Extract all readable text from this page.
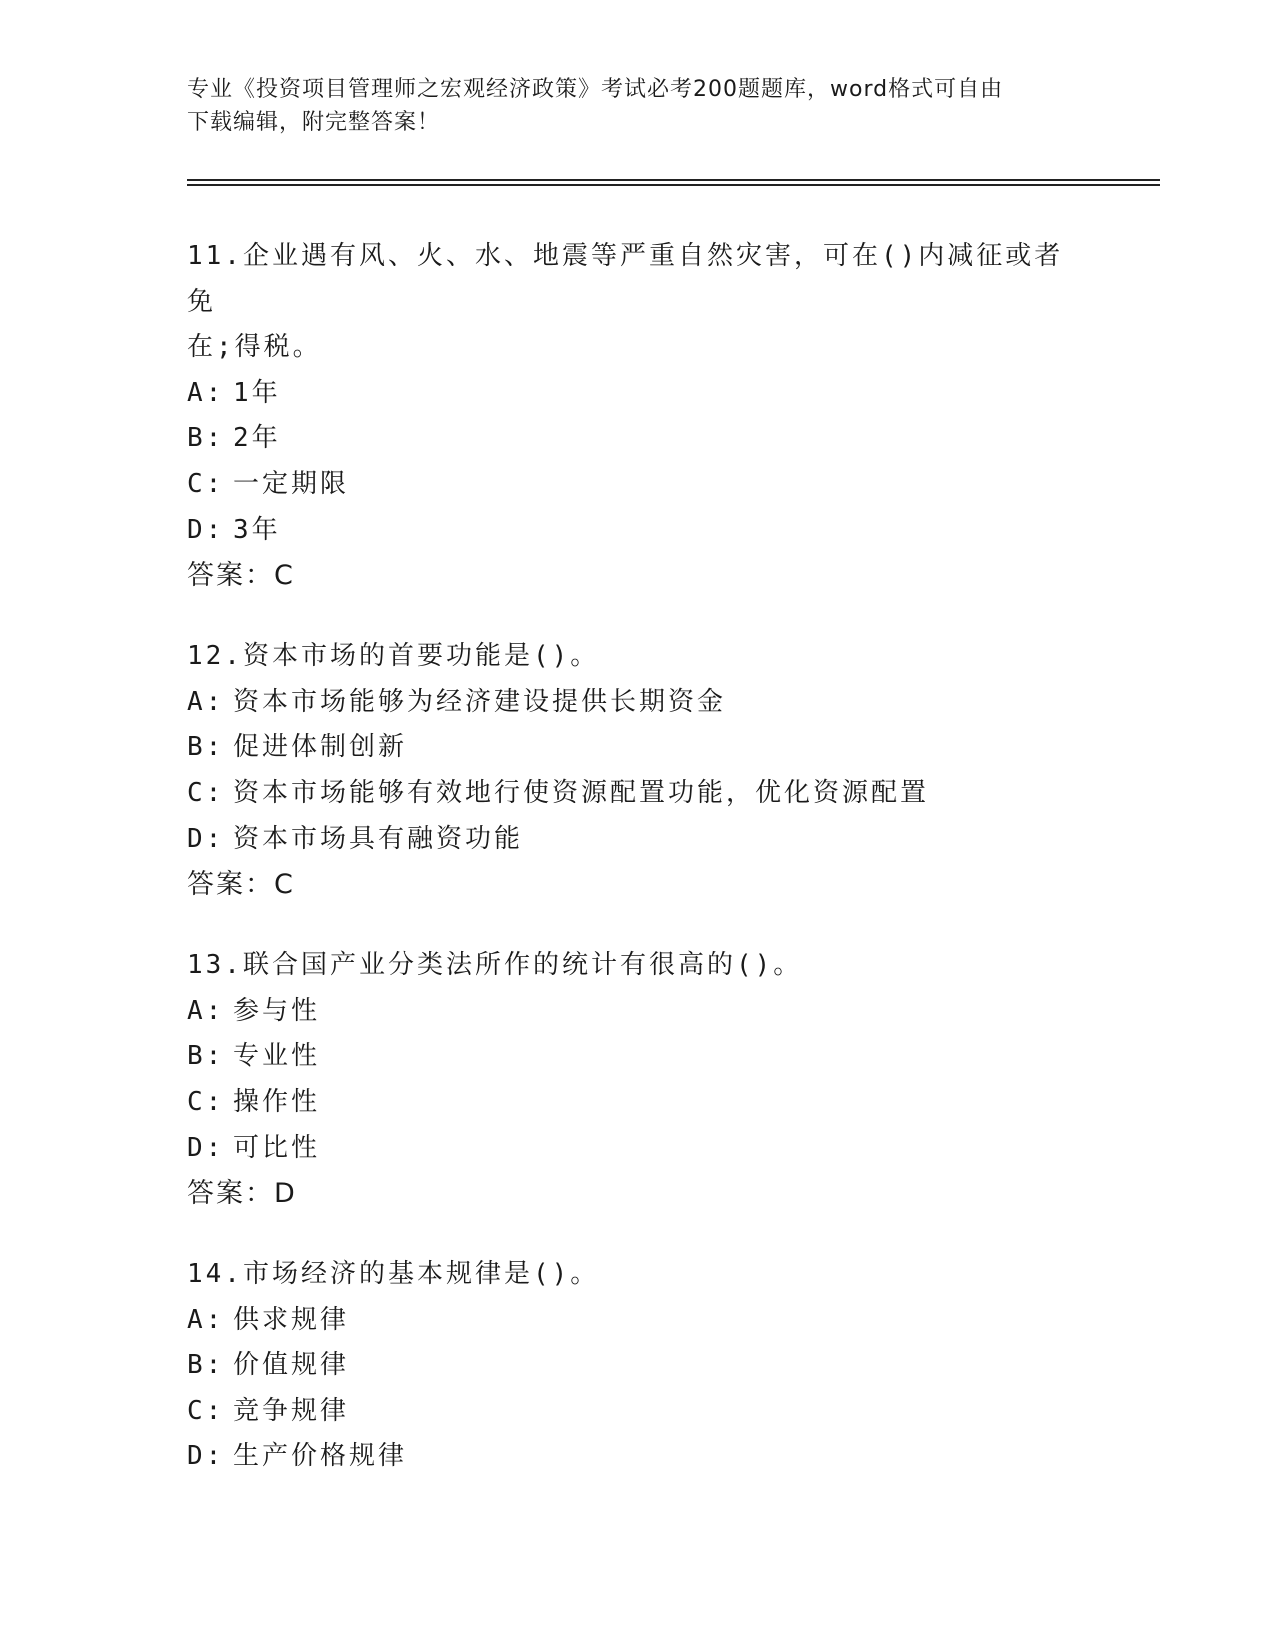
专业《投资项目管理师之宏观经济政策》考试必考200题题库，word格式可自由
下载编辑，附完整答案！
11.企业遇有风、火、水、地震等严重自然灾害，可在()内减征或者免
在;得税。
A: 1年
B: 2年
C: 一定期限
D: 3年
答案：C
12.资本市场的首要功能是()。
A: 资本市场能够为经济建设提供长期资金
B: 促进体制创新
C: 资本市场能够有效地行使资源配置功能，优化资源配置
D: 资本市场具有融资功能
答案：C
13.联合国产业分类法所作的统计有很高的()。
A: 参与性
B: 专业性
C: 操作性
D: 可比性
答案：D
14.市场经济的基本规律是()。
A: 供求规律
B: 价值规律
C: 竞争规律
D: 生产价格规律
